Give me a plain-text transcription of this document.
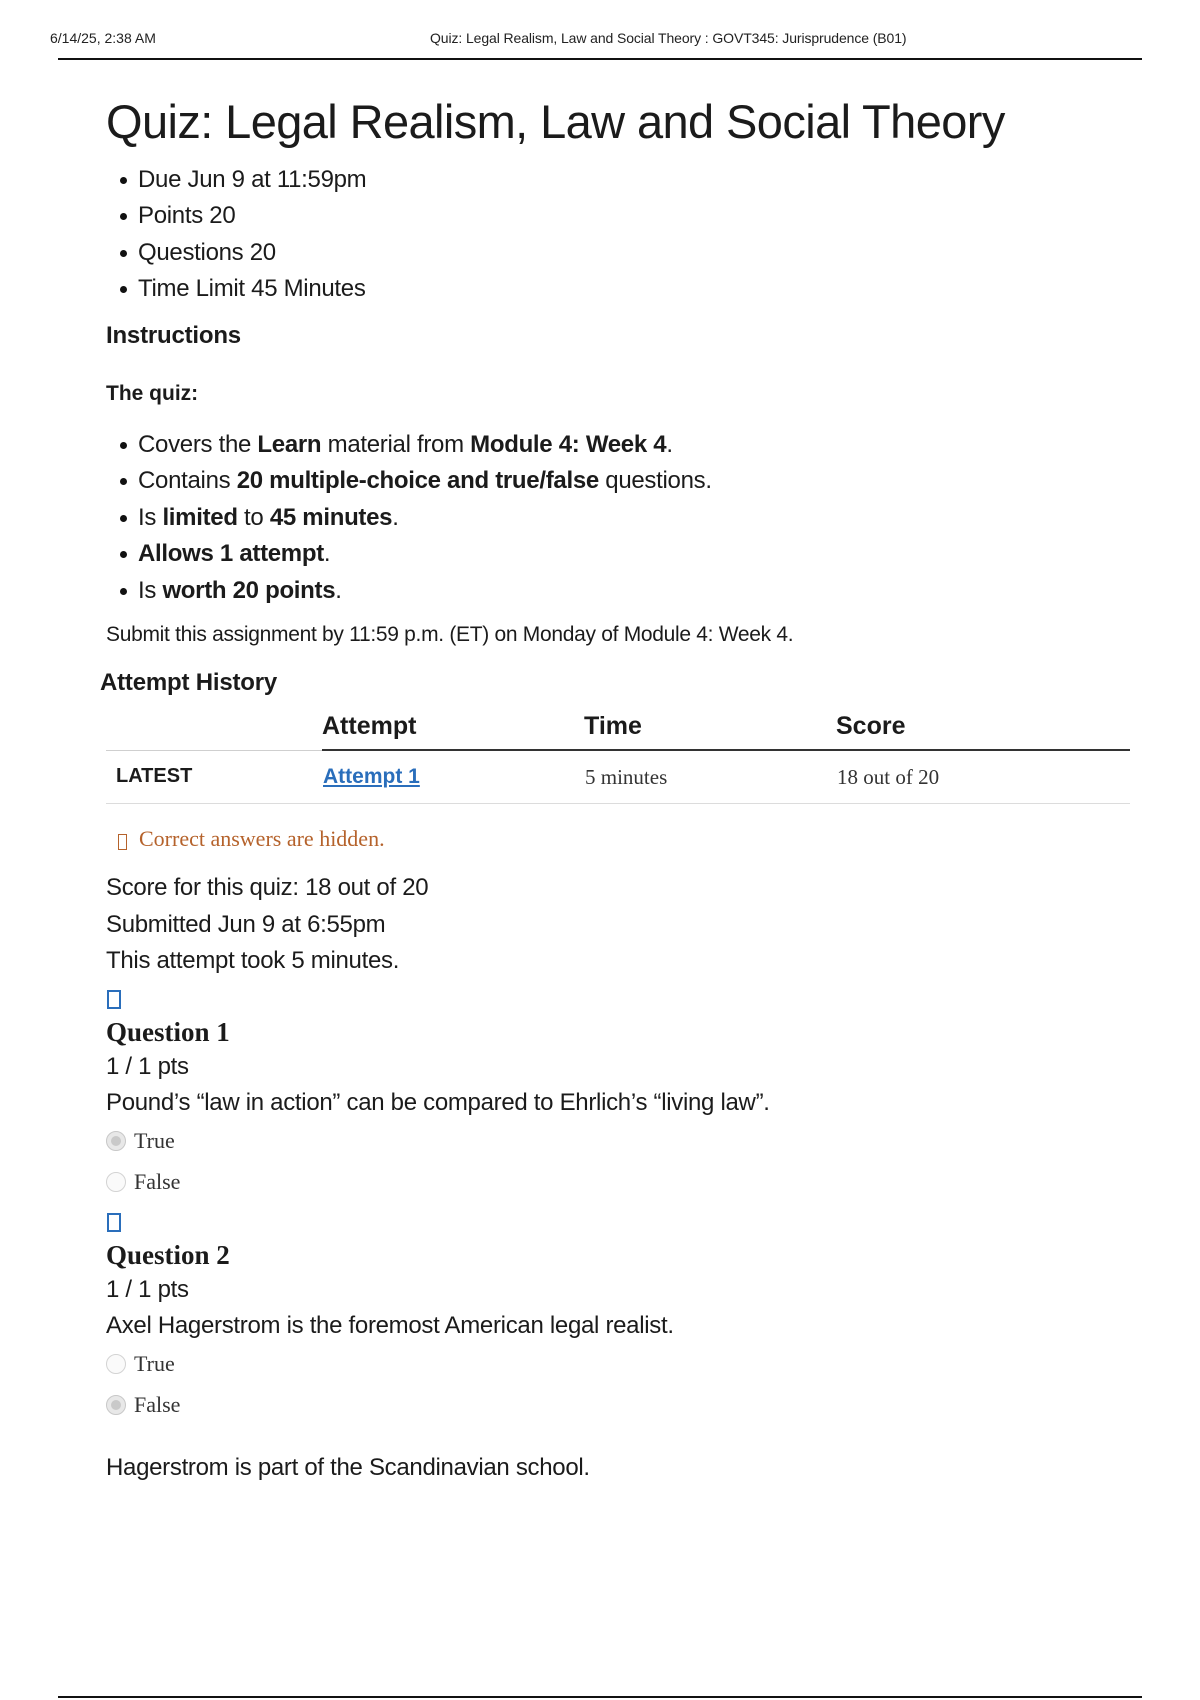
6/14/25, 2:38 AM	Quiz: Legal Realism, Law and Social Theory : GOVT345: Jurisprudence (B01)
Quiz: Legal Realism, Law and Social Theory
Due Jun 9 at 11:59pm
Points 20
Questions 20
Time Limit 45 Minutes
Instructions
The quiz:
Covers the Learn material from Module 4: Week 4.
Contains 20 multiple-choice and true/false questions.
Is limited to 45 minutes.
Allows 1 attempt.
Is worth 20 points.
Submit this assignment by 11:59 p.m. (ET) on Monday of Module 4: Week 4.
Attempt History
	Attempt	Time	Score
LATEST	Attempt 1	5 minutes	18 out of 20
Correct answers are hidden.
Score for this quiz: 18 out of 20
Submitted Jun 9 at 6:55pm
This attempt took 5 minutes.
Question 1
1 / 1 pts
Pound’s “law in action” can be compared to Ehrlich’s “living law”.
True
False
Question 2
1 / 1 pts
Axel Hagerstrom is the foremost American legal realist.
True
False
Hagerstrom is part of the Scandinavian school.
